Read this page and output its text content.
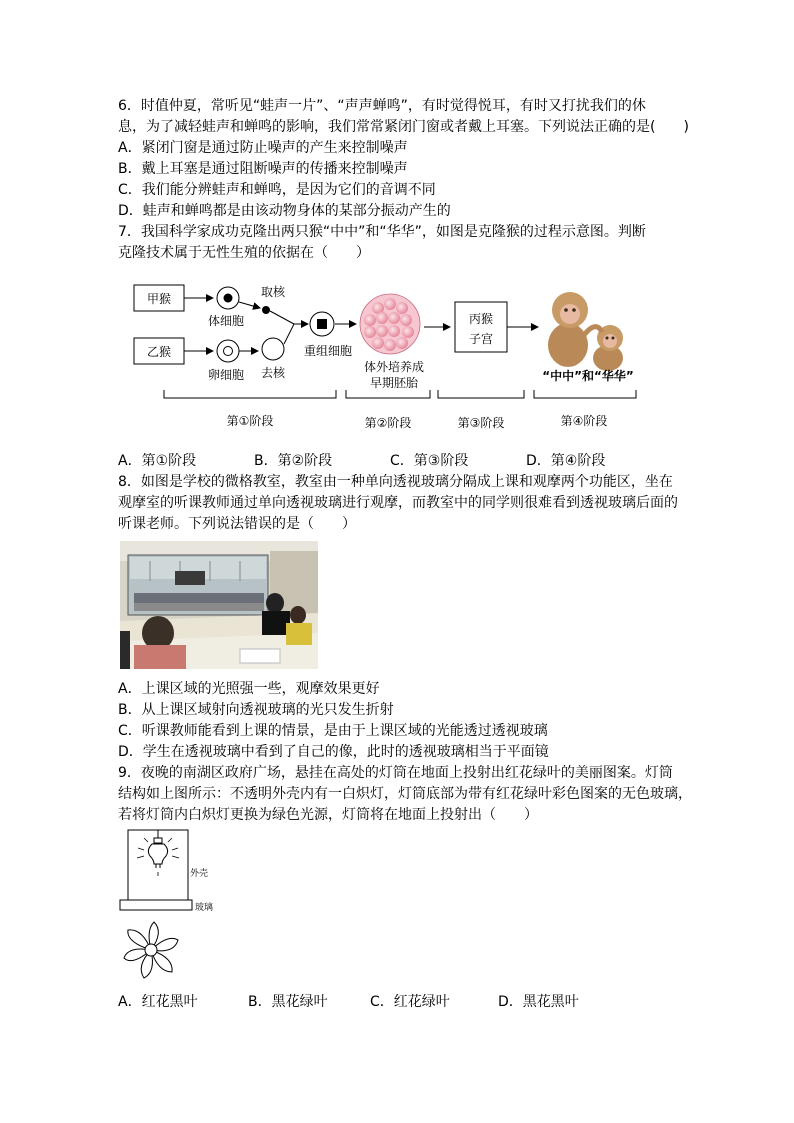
6．时值仲夏，常听见“蛙声一片”、“声声蝉鸣”，有时觉得悦耳，有时又打扰我们的休
息，为了减轻蛙声和蝉鸣的影响，我们常常紧闭门窗或者戴上耳塞。下列说法正确的是(　　)
A．紧闭门窗是通过防止噪声的产生来控制噪声
B．戴上耳塞是通过阻断噪声的传播来控制噪声
C．我们能分辨蛙声和蝉鸣，是因为它们的音调不同
D．蛙声和蝉鸣都是由该动物身体的某部分振动产生的
7．我国科学家成功克隆出两只猴“中中”和“华华”，如图是克隆猴的过程示意图。判断
克隆技术属于无性生殖的依据在（　　）
甲猴
体细胞
取核
乙猴
卵细胞 去核
重组细胞
体外培养成
早期胚胎
丙猴
子宫
“中中”和“华华”
第①阶段	第②阶段	第③阶段	第④阶段
A．第①阶段	B．第②阶段	C．第③阶段	D．第④阶段
8．如图是学校的微格教室，教室由一种单向透视玻璃分隔成上课和观摩两个功能区，坐在
观摩室的听课教师通过单向透视玻璃进行观摩，而教室中的同学则很难看到透视玻璃后面的
听课老师。下列说法错误的是（　　）
A．上课区域的光照强一些，观摩效果更好
B．从上课区域射向透视玻璃的光只发生折射
C．听课教师能看到上课的情景，是由于上课区域的光能透过透视玻璃
D．学生在透视玻璃中看到了自己的像，此时的透视玻璃相当于平面镜
9．夜晚的南湖区政府广场，悬挂在高处的灯筒在地面上投射出红花绿叶的美丽图案。灯筒
结构如上图所示：不透明外壳内有一白炽灯，灯筒底部为带有红花绿叶彩色图案的无色玻璃，
若将灯筒内白炽灯更换为绿色光源，灯筒将在地面上投射出（　　）
外壳
玻璃
A．红花黑叶	B．黑花绿叶	C．红花绿叶	D．黑花黑叶
